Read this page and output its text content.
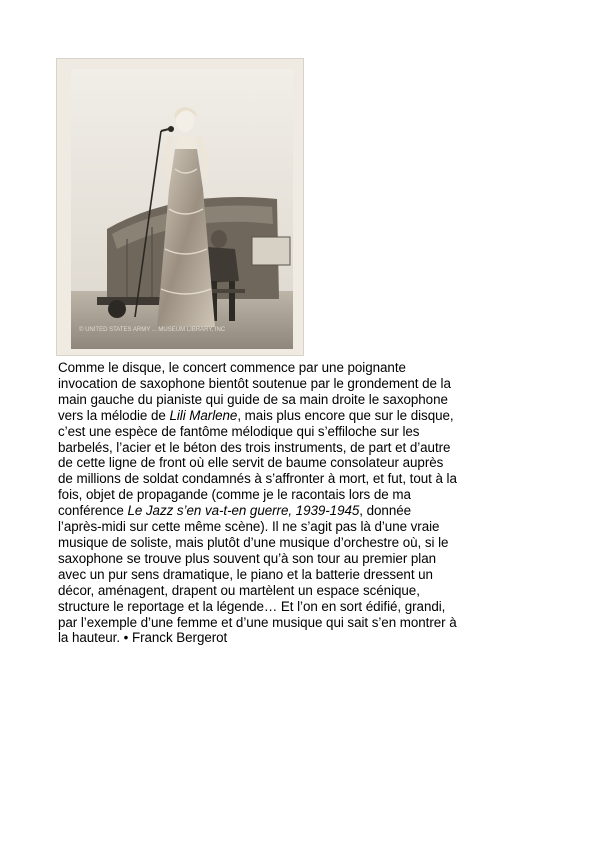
© UNITED STATES ARMY ... MUSEUM LIBRARY, INC

Comme le disque, le concert commence par une poignante
invocation de saxophone bientôt soutenue par le grondement de la
main gauche du pianiste qui guide de sa main droite le saxophone
vers la mélodie de Lili Marlene, mais plus encore que sur le disque,
c’est une espèce de fantôme mélodique qui s’effiloche sur les
barbelés, l’acier et le béton des trois instruments, de part et d’autre
de cette ligne de front où elle servit de baume consolateur auprès
de millions de soldat condamnés à s’affronter à mort, et fut, tout à la
fois, objet de propagande (comme je le racontais lors de ma
conférence Le Jazz s’en va-t-en guerre, 1939-1945, donnée
l’après-midi sur cette même scène). Il ne s’agit pas là d’une vraie
musique de soliste, mais plutôt d’une musique d’orchestre où, si le
saxophone se trouve plus souvent qu’à son tour au premier plan
avec un pur sens dramatique, le piano et la batterie dressent un
décor, aménagent, drapent ou martèlent un espace scénique,
structure le reportage et la légende… Et l’on en sort édifié, grandi,
par l’exemple d’une femme et d’une musique qui sait s’en montrer à
la hauteur. • Franck Bergerot
